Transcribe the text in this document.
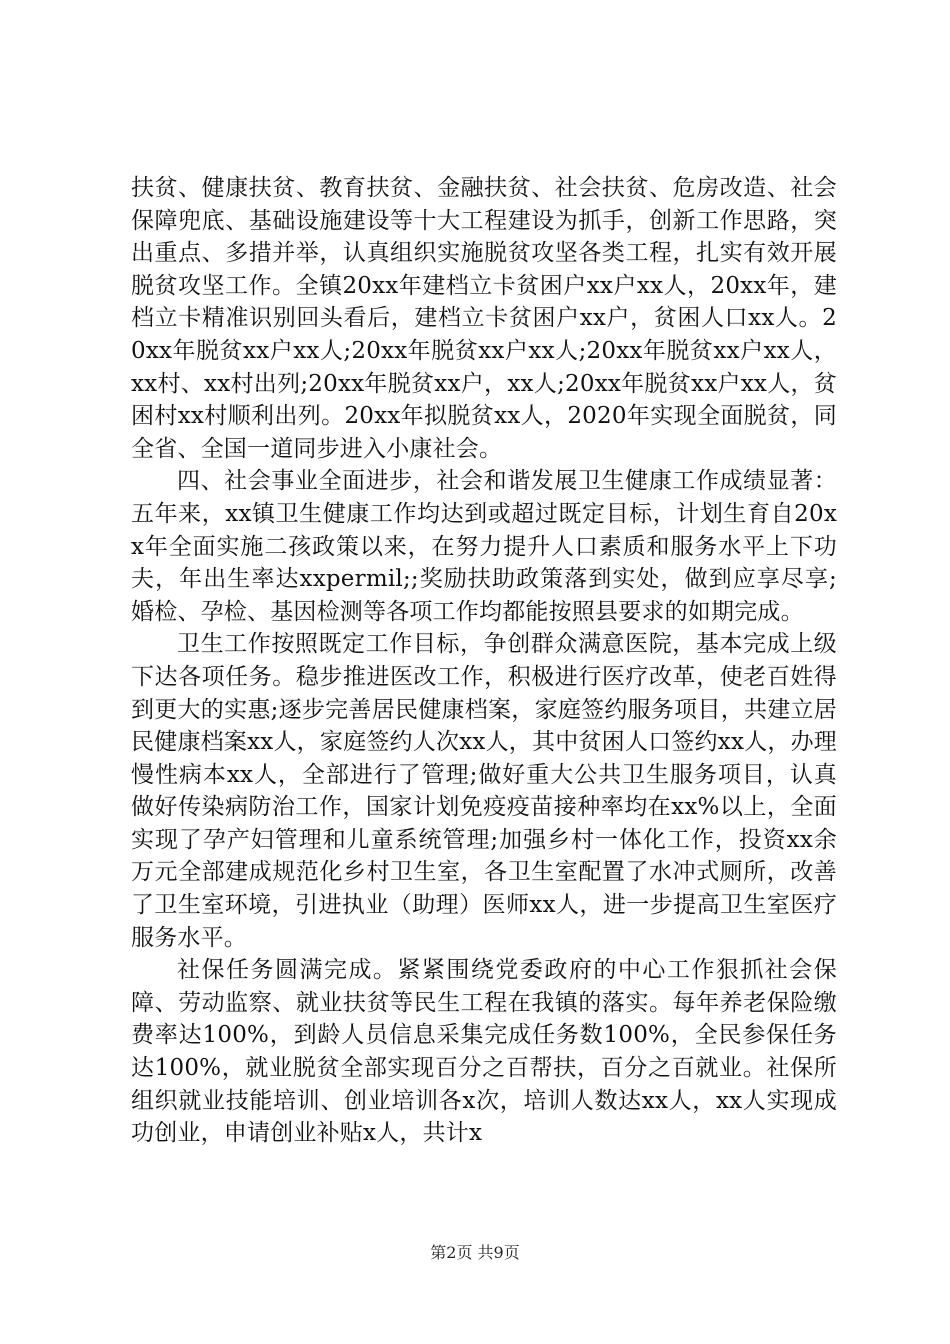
扶贫、健康扶贫、教育扶贫、金融扶贫、社会扶贫、危房改造、社会保障兜底、基础设施建设等十大工程建设为抓手，创新工作思路，突出重点、多措并举，认真组织实施脱贫攻坚各类工程，扎实有效开展脱贫攻坚工作。全镇20xx年建档立卡贫困户xx户xx人，20xx年，建档立卡精准识别回头看后，建档立卡贫困户xx户，贫困人口xx人。20xx年脱贫xx户xx人;20xx年脱贫xx户xx人;20xx年脱贫xx户xx人，xx村、xx村出列;20xx年脱贫xx户，xx人;20xx年脱贫xx户xx人，贫困村xx村顺利出列。20xx年拟脱贫xx人，2020年实现全面脱贫，同全省、全国一道同步进入小康社会。

四、社会事业全面进步，社会和谐发展卫生健康工作成绩显著：五年来，xx镇卫生健康工作均达到或超过既定目标，计划生育自20xx年全面实施二孩政策以来，在努力提升人口素质和服务水平上下功夫，年出生率达xxpermil;;奖励扶助政策落到实处，做到应享尽享;婚检、孕检、基因检测等各项工作均都能按照县要求的如期完成。

卫生工作按照既定工作目标，争创群众满意医院，基本完成上级下达各项任务。稳步推进医改工作，积极进行医疗改革，使老百姓得到更大的实惠;逐步完善居民健康档案，家庭签约服务项目，共建立居民健康档案xx人，家庭签约人次xx人，其中贫困人口签约xx人，办理慢性病本xx人，全部进行了管理;做好重大公共卫生服务项目，认真做好传染病防治工作，国家计划免疫疫苗接种率均在xx%以上，全面实现了孕产妇管理和儿童系统管理;加强乡村一体化工作，投资xx余万元全部建成规范化乡村卫生室，各卫生室配置了水冲式厕所，改善了卫生室环境，引进执业（助理）医师xx人，进一步提高卫生室医疗服务水平。

社保任务圆满完成。紧紧围绕党委政府的中心工作狠抓社会保障、劳动监察、就业扶贫等民生工程在我镇的落实。每年养老保险缴费率达100%，到龄人员信息采集完成任务数100%，全民参保任务达100%，就业脱贫全部实现百分之百帮扶，百分之百就业。社保所组织就业技能培训、创业培训各x次，培训人数达xx人，xx人实现成功创业，申请创业补贴x人，共计x

第2页 共9页
